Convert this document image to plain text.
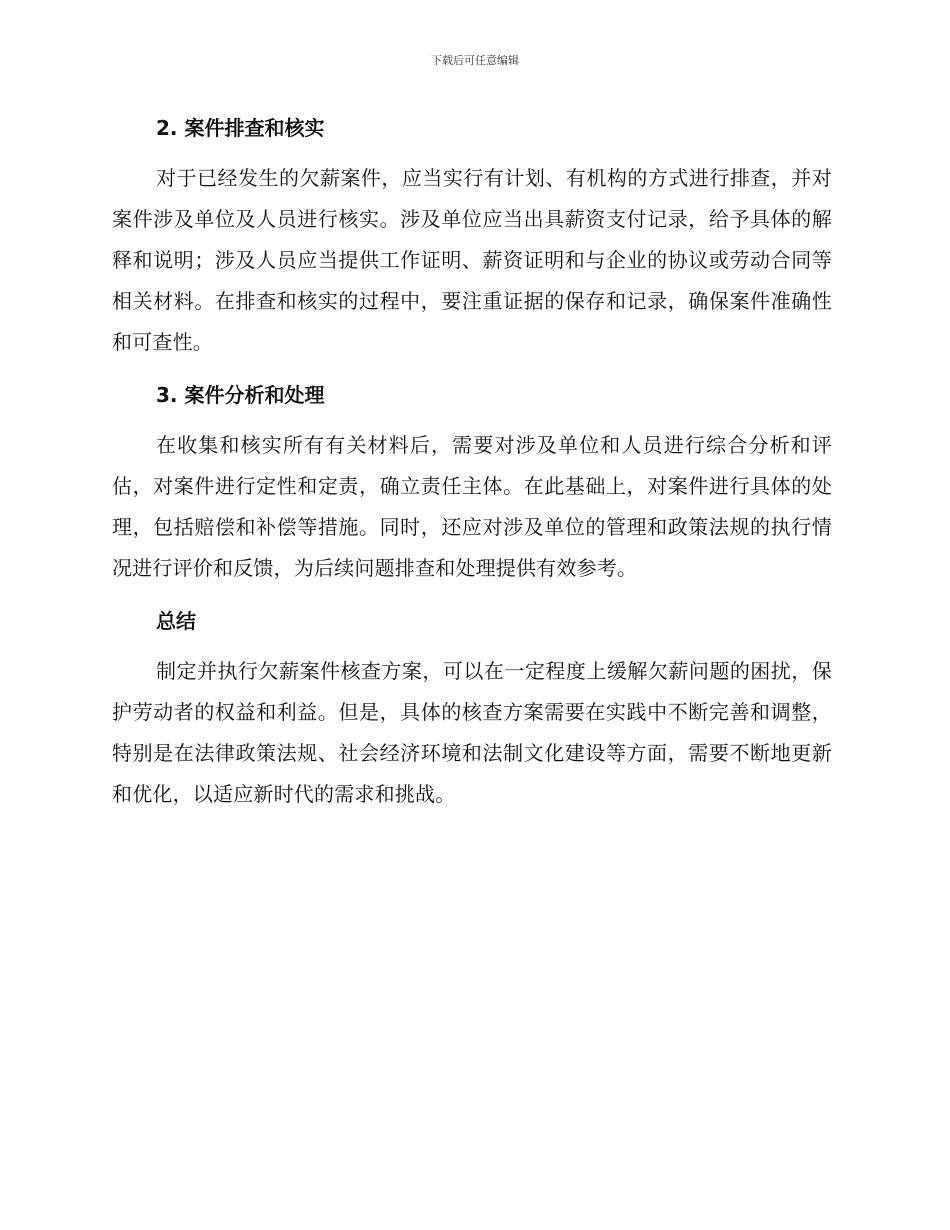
下载后可任意编辑
2. 案件排查和核实

对于已经发生的欠薪案件，应当实行有计划、有机构的方式进行排查，并对案件涉及单位及人员进行核实。涉及单位应当出具薪资支付记录，给予具体的解释和说明；涉及人员应当提供工作证明、薪资证明和与企业的协议或劳动合同等相关材料。在排查和核实的过程中，要注重证据的保存和记录，确保案件准确性和可查性。

3. 案件分析和处理

在收集和核实所有有关材料后，需要对涉及单位和人员进行综合分析和评估，对案件进行定性和定责，确立责任主体。在此基础上，对案件进行具体的处理，包括赔偿和补偿等措施。同时，还应对涉及单位的管理和政策法规的执行情况进行评价和反馈，为后续问题排查和处理提供有效参考。

总结

制定并执行欠薪案件核查方案，可以在一定程度上缓解欠薪问题的困扰，保护劳动者的权益和利益。但是，具体的核查方案需要在实践中不断完善和调整，特别是在法律政策法规、社会经济环境和法制文化建设等方面，需要不断地更新和优化，以适应新时代的需求和挑战。
